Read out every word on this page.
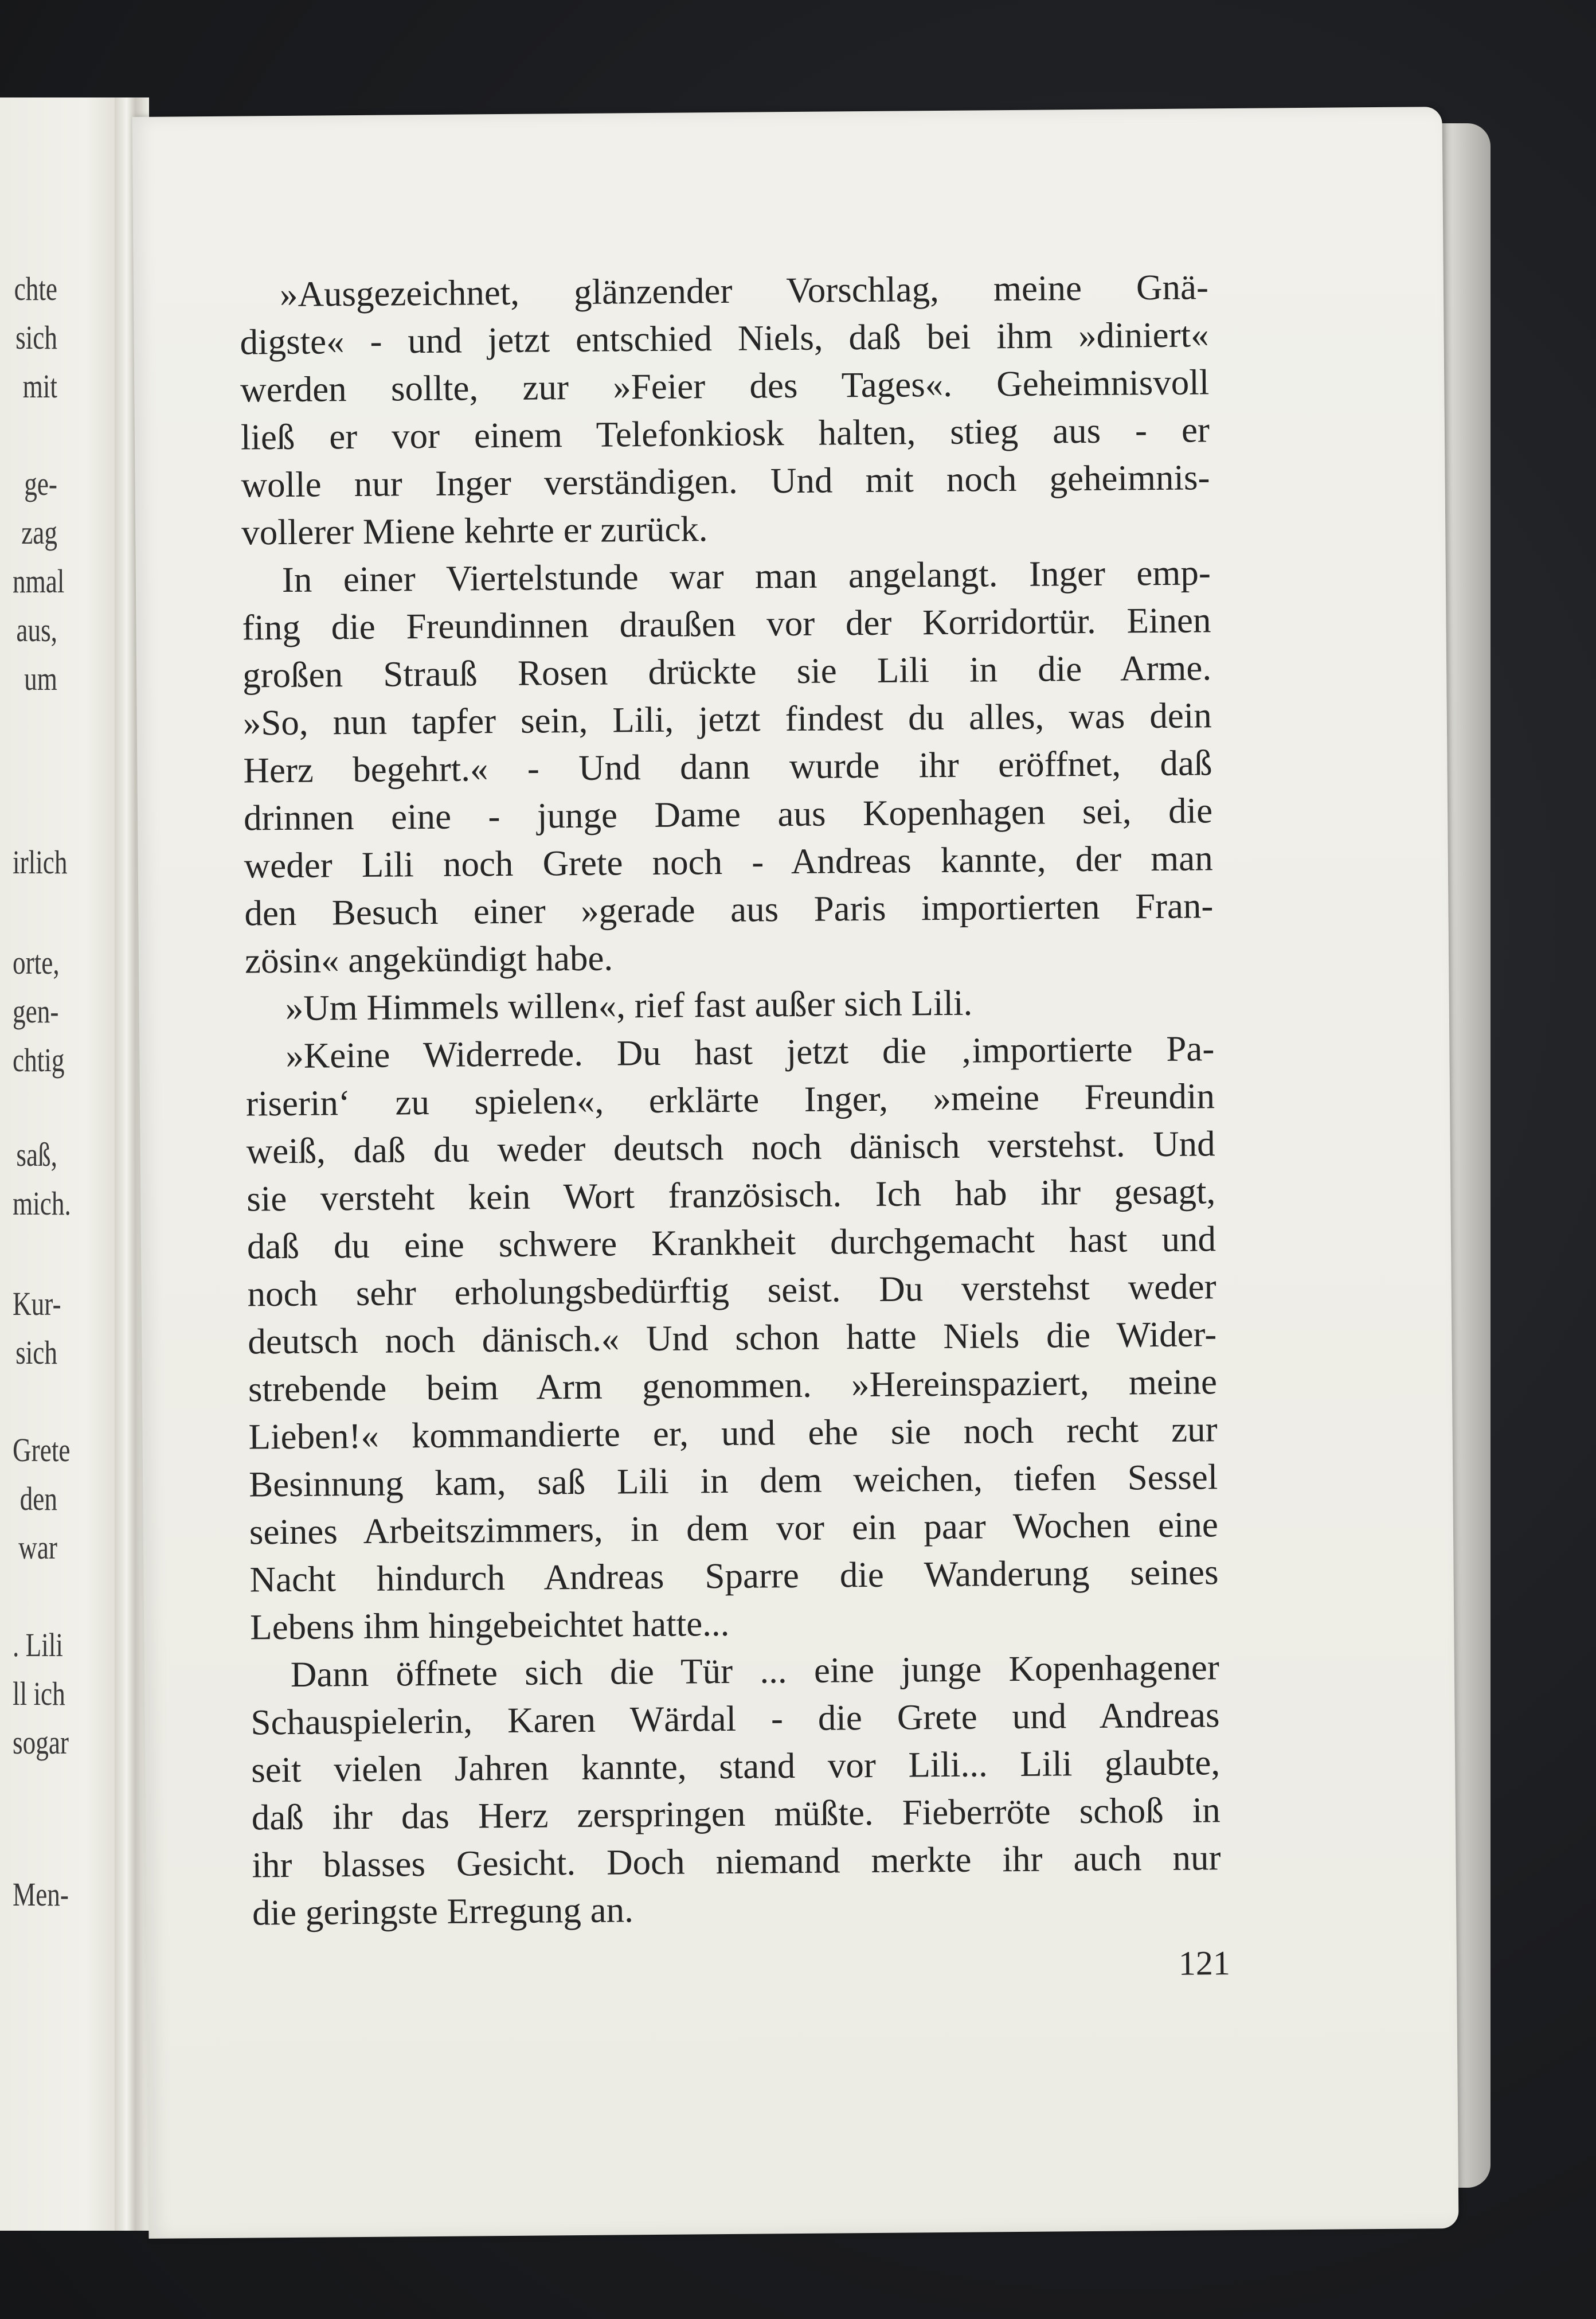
chte
sich
mit
ge-
zag
nmal
aus,
um
irlich
orte,
gen-
chtig
saß,
mich.
Kur-
sich
Grete
den
war
. Lili
ll ich
sogar
Men-
»Ausgezeichnet, glänzender Vorschlag, meine Gnä-
digste« - und jetzt entschied Niels, daß bei ihm »diniert«
werden sollte, zur »Feier des Tages«. Geheimnisvoll
ließ er vor einem Telefonkiosk halten, stieg aus - er
wolle nur Inger verständigen. Und mit noch geheimnis-
vollerer Miene kehrte er zurück.
In einer Viertelstunde war man angelangt. Inger emp-
fing die Freundinnen draußen vor der Korridortür. Einen
großen Strauß Rosen drückte sie Lili in die Arme.
»So, nun tapfer sein, Lili, jetzt findest du alles, was dein
Herz begehrt.« - Und dann wurde ihr eröffnet, daß
drinnen eine - junge Dame aus Kopenhagen sei, die
weder Lili noch Grete noch - Andreas kannte, der man
den Besuch einer »gerade aus Paris importierten Fran-
zösin« angekündigt habe.
»Um Himmels willen«, rief fast außer sich Lili.
»Keine Widerrede. Du hast jetzt die ‚importierte Pa-
riserin‘ zu spielen«, erklärte Inger, »meine Freundin
weiß, daß du weder deutsch noch dänisch verstehst. Und
sie versteht kein Wort französisch. Ich hab ihr gesagt,
daß du eine schwere Krankheit durchgemacht hast und
noch sehr erholungsbedürftig seist. Du verstehst weder
deutsch noch dänisch.« Und schon hatte Niels die Wider-
strebende beim Arm genommen. »Hereinspaziert, meine
Lieben!« kommandierte er, und ehe sie noch recht zur
Besinnung kam, saß Lili in dem weichen, tiefen Sessel
seines Arbeitszimmers, in dem vor ein paar Wochen eine
Nacht hindurch Andreas Sparre die Wanderung seines
Lebens ihm hingebeichtet hatte...
Dann öffnete sich die Tür ... eine junge Kopenhagener
Schauspielerin, Karen Wärdal - die Grete und Andreas
seit vielen Jahren kannte, stand vor Lili... Lili glaubte,
daß ihr das Herz zerspringen müßte. Fieberröte schoß in
ihr blasses Gesicht. Doch niemand merkte ihr auch nur
die geringste Erregung an.
121
